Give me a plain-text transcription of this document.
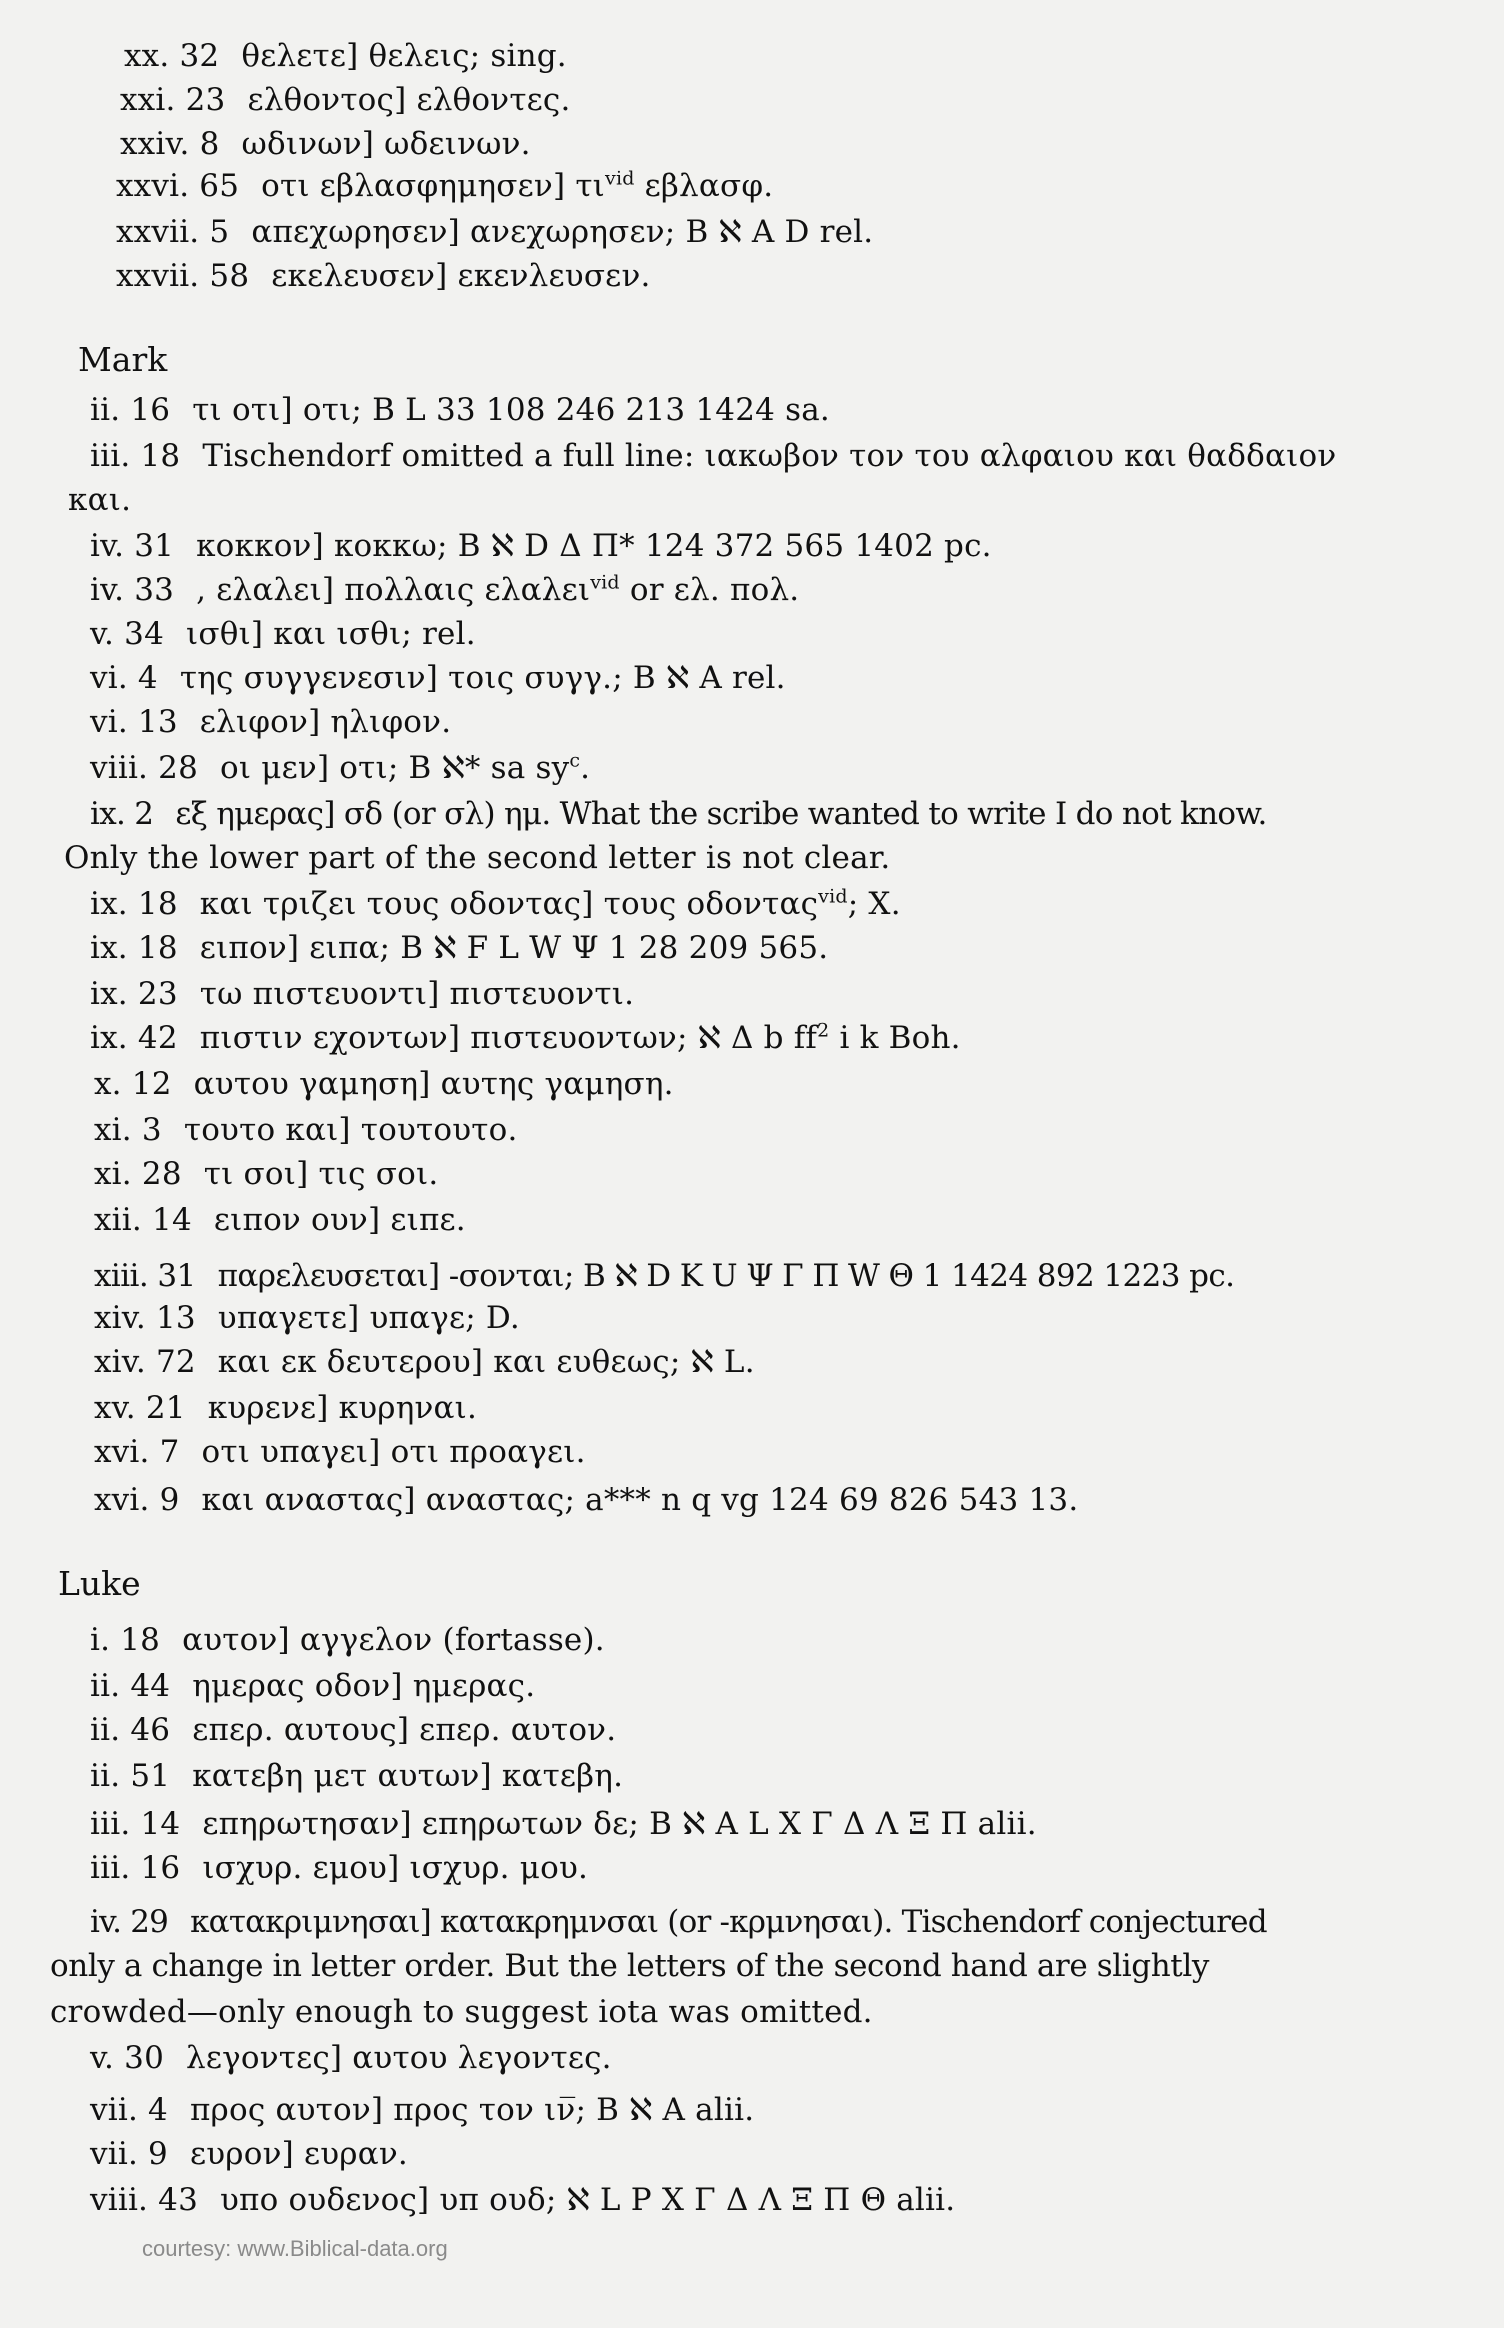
xx. 32 θελετε] θελεις; sing.
xxi. 23 ελθοντος] ελθοντες.
xxiv. 8 ωδινων] ωδεινων.
xxvi. 65 οτι εβλασφημησεν] $\tau\iota^{vid}$ εβλασφ.
xxvii. 5 απεχωρησεν] ανεχωρησεν; B ℵ A D rel.
xxvii. 58 εκελευσεν] εκενλευσεν.
Mark
ii. 16 τι οτι] οτι; B L 33 108 246 213 1424 sa.
iii. 18 Tischendorf omitted a full line: ιακωβον τον του αλφαιου και θαδδαιον
και.
iv. 31 κοκκον] κοκκω; B ℵ D Δ Π* 124 372 565 1402 pc.
iv. 33 , ελαλει] πολλαις ελαλει$^{vid}$ or ελ. πολ.
v. 34 ισθι] και ισθι; rel.
vi. 4 της συγγενεσιν] τοις συγγ.; B ℵ A rel.
vi. 13 ελιφον] ηλιφον.
viii. 28 οι μεν] οτι; B ℵ* sa $sy^c$.
ix. 2 εξ ημερας] σδ (or σλ) ημ. What the scribe wanted to write I do not know.
Only the lower part of the second letter is not clear.
ix. 18 και τριζει τους οδοντας] τους οδοντας$^{vid}$; X.
ix. 18 ειπον] ειπα; B ℵ F L W Ψ 1 28 209 565.
ix. 23 τω πιστευοντι] πιστευοντι.
ix. 42 πιστιν εχοντων] πιστευοντων; ℵ Δ b $ff^2$ i k Boh.
x. 12 αυτου γαμηση] αυτης γαμηση.
xi. 3 τουτο και] τουτουτο.
xi. 28 τι σοι] τις σοι.
xii. 14 ειπον ουν] ειπε.
xiii. 31 παρελευσεται] -σονται; B ℵ D K U Ψ Γ Π W Θ 1 1424 892 1223 pc.
xiv. 13 υπαγετε] υπαγε; D.
xiv. 72 και εκ δευτερου] και ευθεως; ℵ L.
xv. 21 κυρενε] κυρηναι.
xvi. 7 οτι υπαγει] οτι προαγει.
xvi. 9 και αναστας] αναστας; a*** n q vg 124 69 826 543 13.
Luke
i. 18 αυτον] αγγελον (fortasse).
ii. 44 ημερας οδον] ημερας.
ii. 46 επερ. αυτους] επερ. αυτον.
ii. 51 κατεβη μετ αυτων] κατεβη.
iii. 14 επηρωτησαν] επηρωτων δε; B ℵ A L X Γ Δ Λ Ξ Π alii.
iii. 16 ισχυρ. εμου] ισχυρ. μου.
iv. 29 κατακριμνησαι] κατακρημνσαι (or -κρμνησαι). Tischendorf conjectured
only a change in letter order. But the letters of the second hand are slightly
crowded—only enough to suggest iota was omitted.
v. 30 λεγοντες] αυτου λεγοντες.
vii. 4 προς αυτον] προς τον ιν̅; B ℵ A alii.
vii. 9 ευρον] ευραν.
viii. 43 υπο ουδενος] υπ ουδ; ℵ L P X Γ Δ Λ Ξ Π Θ alii.
courtesy: www.Biblical-data.org
